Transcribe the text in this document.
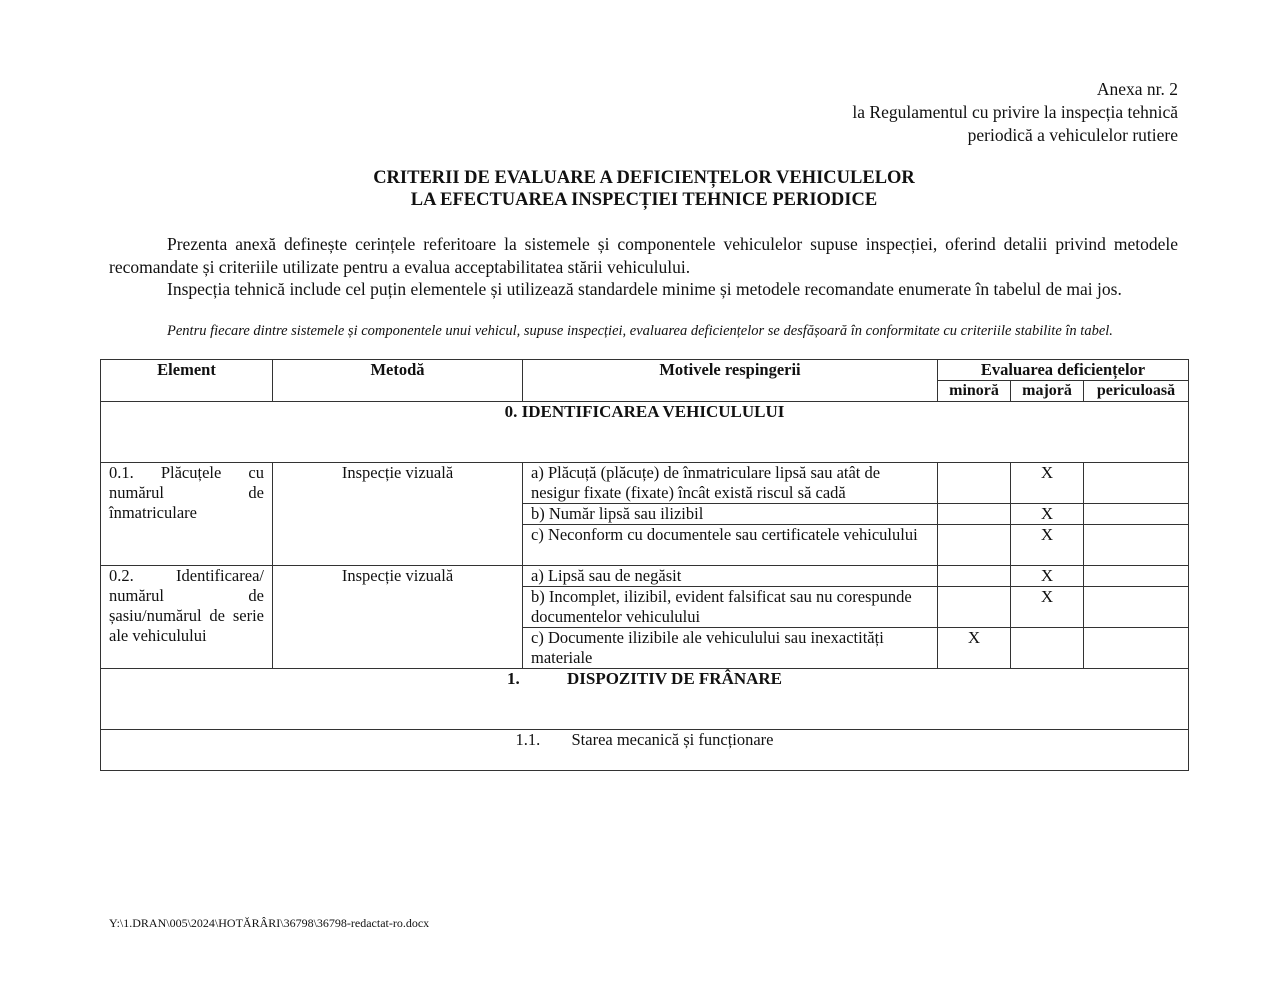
Anexa nr. 2
la Regulamentul cu privire la inspecția tehnică
periodică a vehiculelor rutiere
CRITERII DE EVALUARE A DEFICIENȚELOR VEHICULELOR
LA EFECTUAREA INSPECȚIEI TEHNICE PERIODICE

Prezenta anexă definește cerințele referitoare la sistemele și componentele vehiculelor supuse inspecției, oferind detalii privind metodele recomandate și criteriile utilizate pentru a evalua acceptabilitatea stării vehiculului.

Inspecția tehnică include cel puțin elementele și utilizează standardele minime și metodele recomandate enumerate în tabelul de mai jos.

Pentru fiecare dintre sistemele și componentele unui vehicul, supuse inspecției, evaluarea deficiențelor se desfășoară în conformitate cu criteriile stabilite în tabel.
Element	Metodă	Motivele respingerii	Evaluarea deficiențelor		
			minoră	majoră	periculoasă
0. IDENTIFICAREA VEHICULULUI					
0.1. Plăcuțele cu numărul de înmatriculare	Inspecție vizuală	a) Plăcuță (plăcuțe) de înmatriculare lipsă sau atât de nesigur fixate (fixate) încât există riscul să cadă		X	
		b) Număr lipsă sau ilizibil		X	
		c) Neconform cu documentele sau certificatele vehiculului		X	
0.2. Identificarea/ numărul de șasiu/numărul de serie ale vehiculului	Inspecție vizuală	a) Lipsă sau de negăsit		X	
		b) Incomplet, ilizibil, evident falsificat sau nu corespunde documentelor vehiculului		X	
		c) Documente ilizibile ale vehiculului sau inexactități materiale	X		
1. DISPOZITIV DE FRÂNARE					
1.1. Starea mecanică și funcționare					
Y:\1.DRAN\005\2024\HOTĂRÂRI\36798\36798-redactat-ro.docx
